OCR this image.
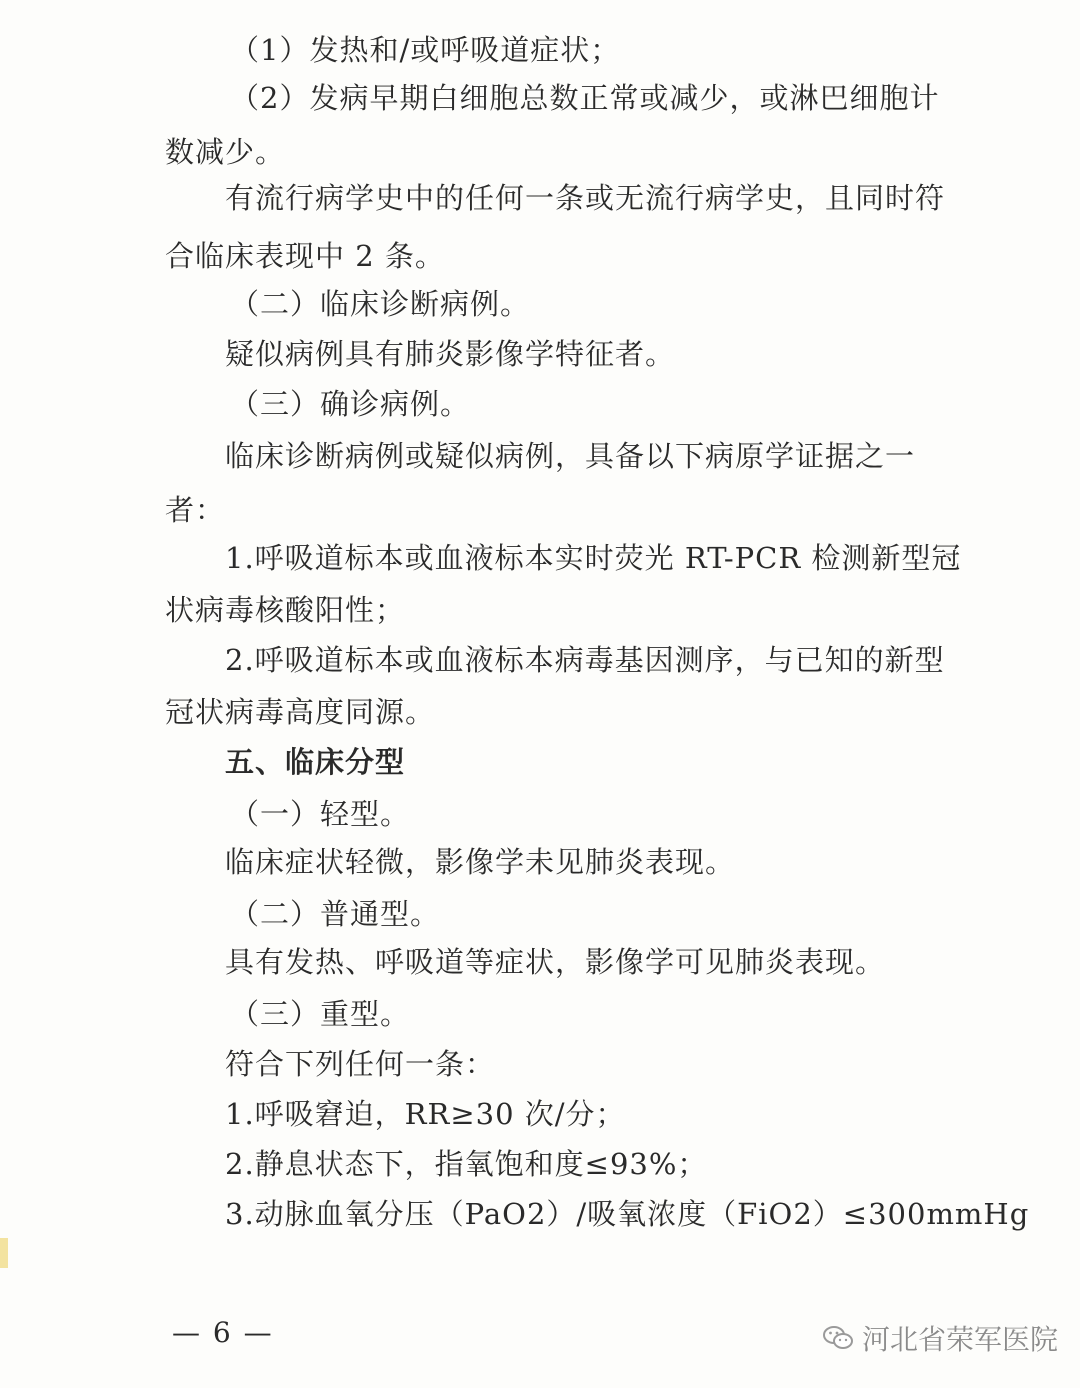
（1）发热和/或呼吸道症状；
（2）发病早期白细胞总数正常或减少，或淋巴细胞计
数减少。
有流行病学史中的任何一条或无流行病学史，且同时符
合临床表现中 2 条。
（二）临床诊断病例。
疑似病例具有肺炎影像学特征者。
（三）确诊病例。
临床诊断病例或疑似病例，具备以下病原学证据之一
者：
1.呼吸道标本或血液标本实时荧光 RT-PCR 检测新型冠
状病毒核酸阳性；
2.呼吸道标本或血液标本病毒基因测序，与已知的新型
冠状病毒高度同源。
五、临床分型
（一）轻型。
临床症状轻微，影像学未见肺炎表现。
（二）普通型。
具有发热、呼吸道等症状，影像学可见肺炎表现。
（三）重型。
符合下列任何一条：
1.呼吸窘迫，RR≥30 次/分；
2.静息状态下，指氧饱和度≤93%；
3.动脉血氧分压（PaO2）/吸氧浓度（FiO2）≤300mmHg
— 6 —	河北省荣军医院
